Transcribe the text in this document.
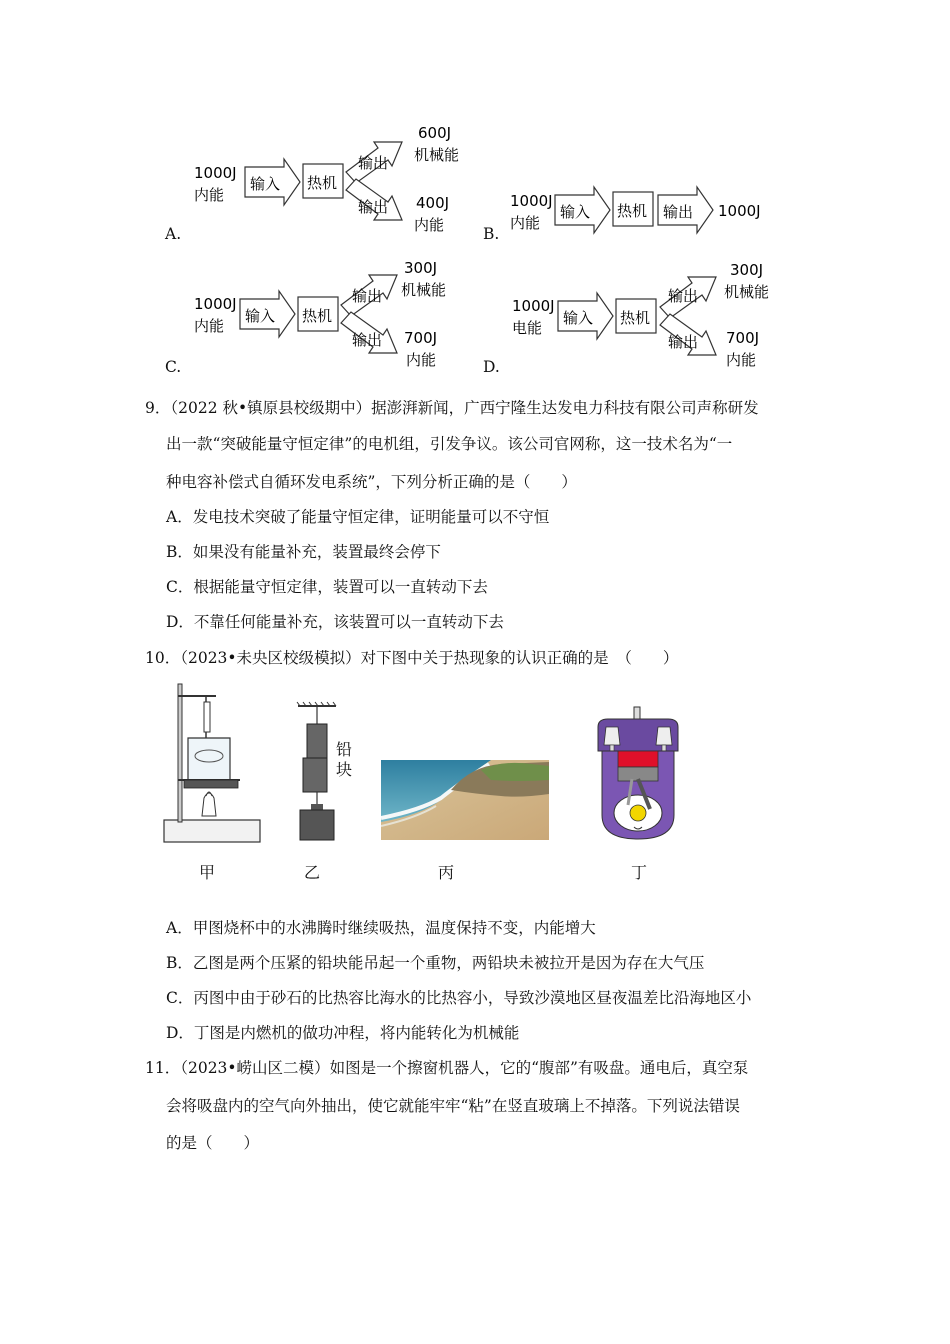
1000J
内能
输入 热机
输出
输出
600J
机械能
400J
内能
A.
1000J
内能
输入 热机 输出 1000J
B.
1000J
内能
输入 热机
输出
输出
300J
机械能
700J
内能
C.
1000J
电能
输入 热机
输出
输出
300J
机械能
700J
内能
D.
9．（2022 秋•镇原县校级期中）据澎湃新闻，广西宁隆生达发电力科技有限公司声称研发
出一款“突破能量守恒定律”的电机组，引发争议。该公司官网称，这一技术名为“一
种电容补偿式自循环发电系统”，下列分析正确的是（　　）
A．发电技术突破了能量守恒定律，证明能量可以不守恒
B．如果没有能量补充，装置最终会停下
C．根据能量守恒定律，装置可以一直转动下去
D．不靠任何能量补充，该装置可以一直转动下去
10．（2023•未央区校级模拟）对下图中关于热现象的认识正确的是　（　　）
甲
铅
块
乙	丙	丁
A．甲图烧杯中的水沸腾时继续吸热，温度保持不变，内能增大
B．乙图是两个压紧的铅块能吊起一个重物，两铅块未被拉开是因为存在大气压
C．丙图中由于砂石的比热容比海水的比热容小，导致沙漠地区昼夜温差比沿海地区小
D．丁图是内燃机的做功冲程，将内能转化为机械能
11．（2023•崂山区二模）如图是一个擦窗机器人，它的“腹部”有吸盘。通电后，真空泵
会将吸盘内的空气向外抽出，使它就能牢牢“粘”在竖直玻璃上不掉落。下列说法错误
的是（　　）
